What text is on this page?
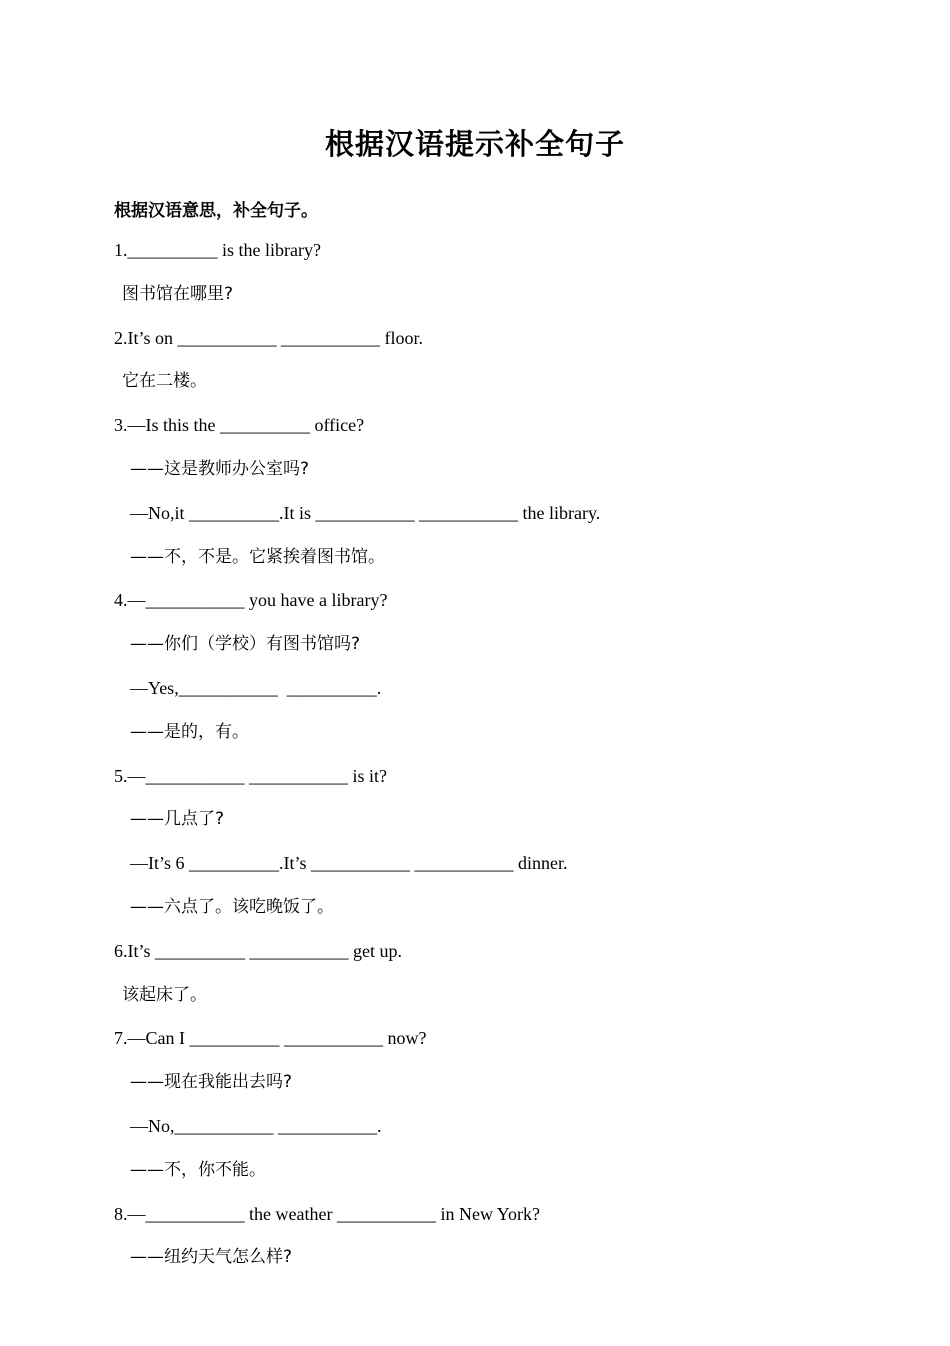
根据汉语提示补全句子
根据汉语意思，补全句子。
1.__________ is the library?
图书馆在哪里?
2.It’s on ___________ ___________ floor.
它在二楼。
3.—Is this the __________ office?
——这是教师办公室吗?
—No,it __________.It is ___________ ___________ the library.
——不，不是。它紧挨着图书馆。
4.—___________ you have a library?
——你们（学校）有图书馆吗?
—Yes,___________  __________.
——是的，有。
5.—___________ ___________ is it?
——几点了?
—It’s 6 __________.It’s ___________ ___________ dinner.
——六点了。该吃晚饭了。
6.It’s __________ ___________ get up.
该起床了。
7.—Can I __________ ___________ now?
——现在我能出去吗?
—No,___________ ___________.
——不，你不能。
8.—___________ the weather ___________ in New York?
——纽约天气怎么样?
